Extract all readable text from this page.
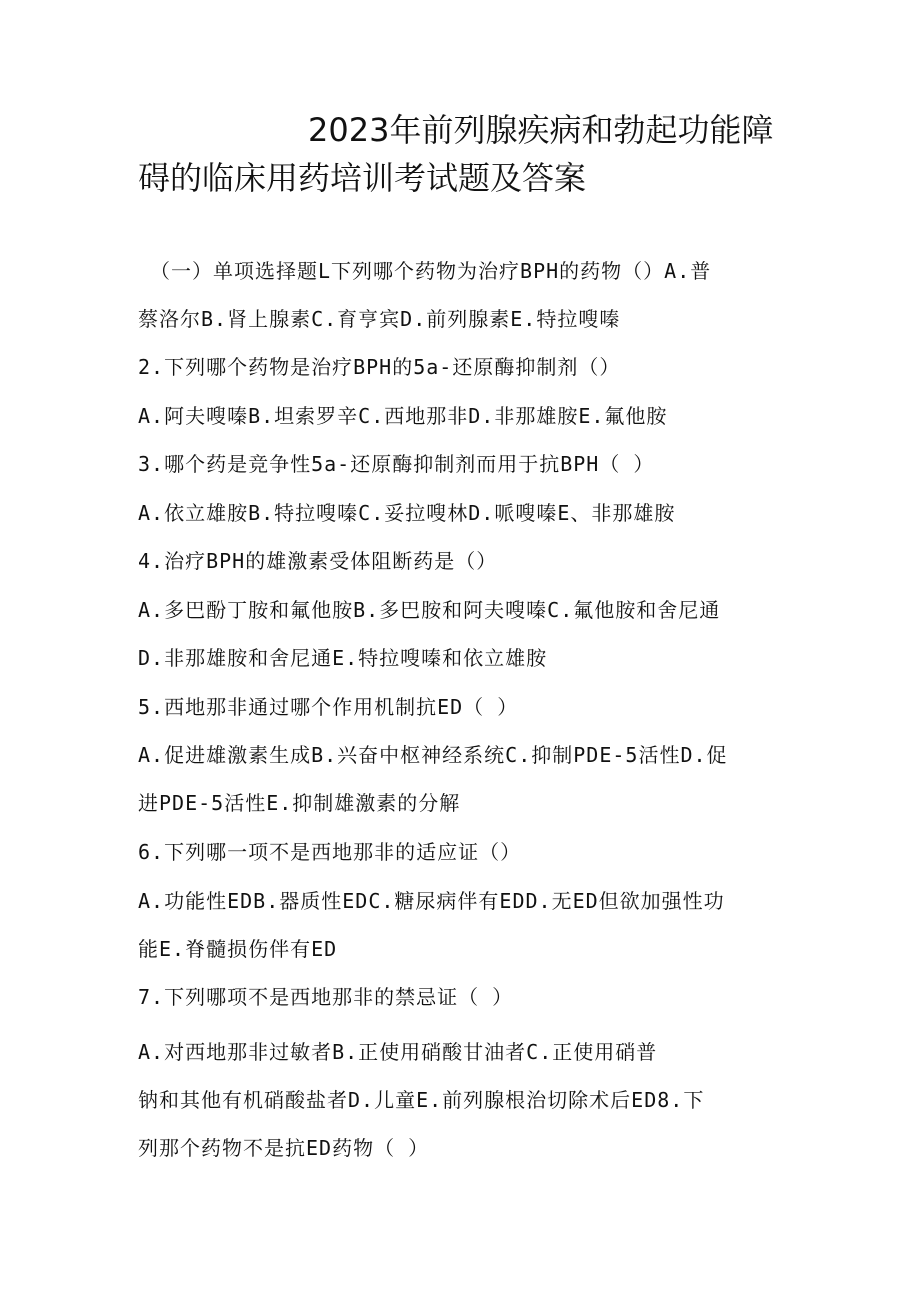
2023年前列腺疾病和勃起功能障
碍的临床用药培训考试题及答案
（一）单项选择题L下列哪个药物为治疗BPH的药物（）A.普
蔡洛尔B.肾上腺素C.育亨宾D.前列腺素E.特拉嗖嗪
2.下列哪个药物是治疗BPH的5a-还原酶抑制剂（）
A.阿夫嗖嗪B.坦索罗辛C.西地那非D.非那雄胺E.氟他胺
3.哪个药是竞争性5a-还原酶抑制剂而用于抗BPH（ ）
A.依立雄胺B.特拉嗖嗪C.妥拉嗖林D.哌嗖嗪E、非那雄胺
4.治疗BPH的雄激素受体阻断药是（）
A.多巴酚丁胺和氟他胺B.多巴胺和阿夫嗖嗪C.氟他胺和舍尼通
D.非那雄胺和舍尼通E.特拉嗖嗪和依立雄胺
5.西地那非通过哪个作用机制抗ED（ ）
A.促进雄激素生成B.兴奋中枢神经系统C.抑制PDE-5活性D.促
进PDE-5活性E.抑制雄激素的分解
6.下列哪一项不是西地那非的适应证（）
A.功能性EDB.器质性EDC.糖尿病伴有EDD.无ED但欲加强性功
能E.脊髓损伤伴有ED
7.下列哪项不是西地那非的禁忌证（ ）
A.对西地那非过敏者B.正使用硝酸甘油者C.正使用硝普
钠和其他有机硝酸盐者D.儿童E.前列腺根治切除术后ED8.下
列那个药物不是抗ED药物（ ）
